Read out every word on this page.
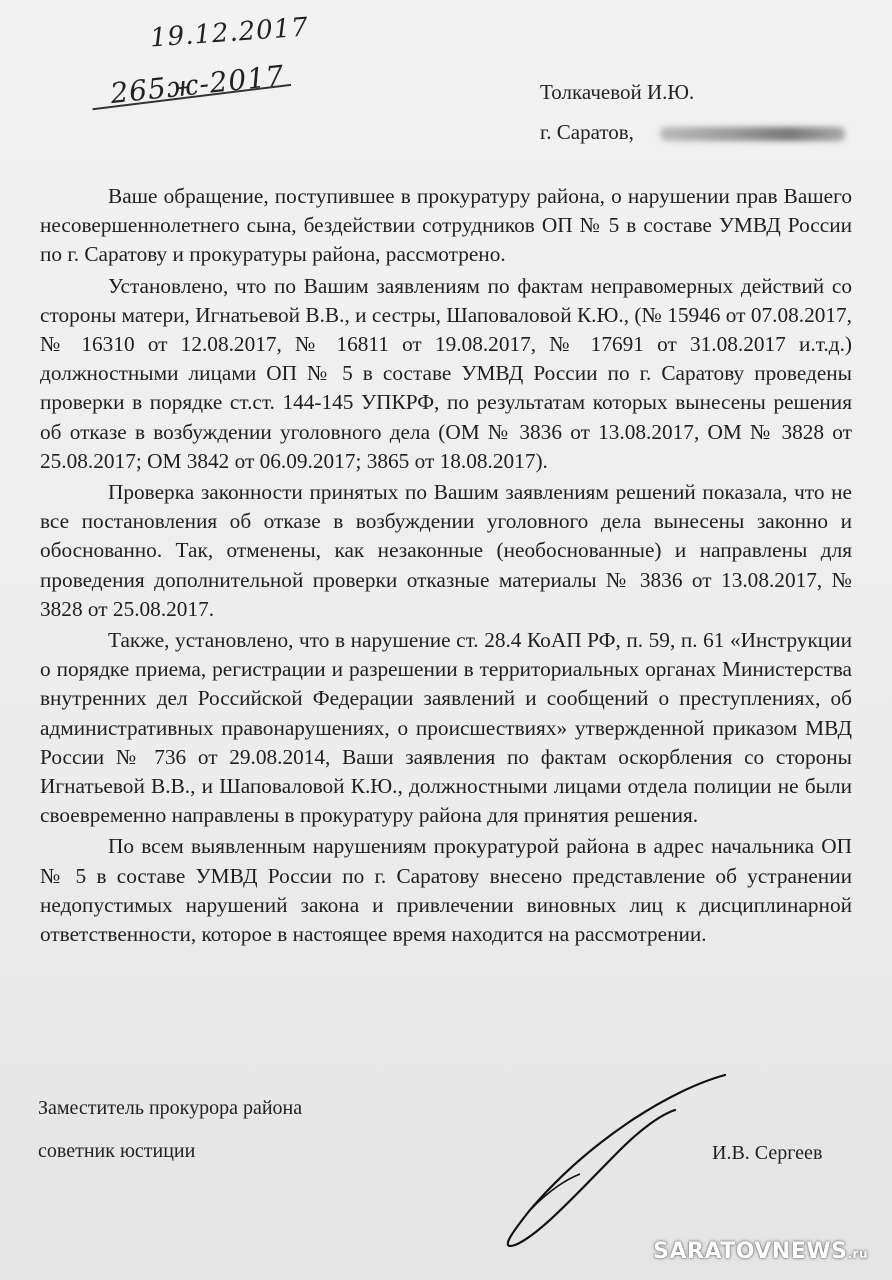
19.12.2017
265ж-2017	Толкачевой И.Ю.
г. Саратов,

Ваше обращение, поступившее в прокуратуру района, о нарушении прав Вашего несовершеннолетнего сына, бездействии сотрудников ОП № 5 в составе УМВД России по г. Саратову и прокуратуры района, рассмотрено.

Установлено, что по Вашим заявлениям по фактам неправомерных действий со стороны матери, Игнатьевой В.В., и сестры, Шаповаловой К.Ю., (№ 15946 от 07.08.2017, № 16310 от 12.08.2017, № 16811 от 19.08.2017, № 17691 от 31.08.2017 и.т.д.) должностными лицами ОП № 5 в составе УМВД России по г. Саратову проведены проверки в порядке ст.ст. 144-145 УПКРФ, по результатам которых вынесены решения об отказе в возбуждении уголовного дела (ОМ № 3836 от 13.08.2017, ОМ № 3828 от 25.08.2017; ОМ 3842 от 06.09.2017; 3865 от 18.08.2017).

Проверка законности принятых по Вашим заявлениям решений показала, что не все постановления об отказе в возбуждении уголовного дела вынесены законно и обоснованно. Так, отменены, как незаконные (необоснованные) и направлены для проведения дополнительной проверки отказные материалы № 3836 от 13.08.2017, № 3828 от 25.08.2017.

Также, установлено, что в нарушение ст. 28.4 КоАП РФ, п. 59, п. 61 «Инструкции о порядке приема, регистрации и разрешении в территориальных органах Министерства внутренних дел Российской Федерации заявлений и сообщений о преступлениях, об административных правонарушениях, о происшествиях» утвержденной приказом МВД России № 736 от 29.08.2014, Ваши заявления по фактам оскорбления со стороны Игнатьевой В.В., и Шаповаловой К.Ю., должностными лицами отдела полиции не были своевременно направлены в прокуратуру района для принятия решения.

По всем выявленным нарушениям прокуратурой района в адрес начальника ОП № 5 в составе УМВД России по г. Саратову внесено представление об устранении недопустимых нарушений закона и привлечении виновных лиц к дисциплинарной ответственности, которое в настоящее время находится на рассмотрении.

Заместитель прокурора района
советник юстиции	И.В. Сергеев
SARATOVNEWS.ru
